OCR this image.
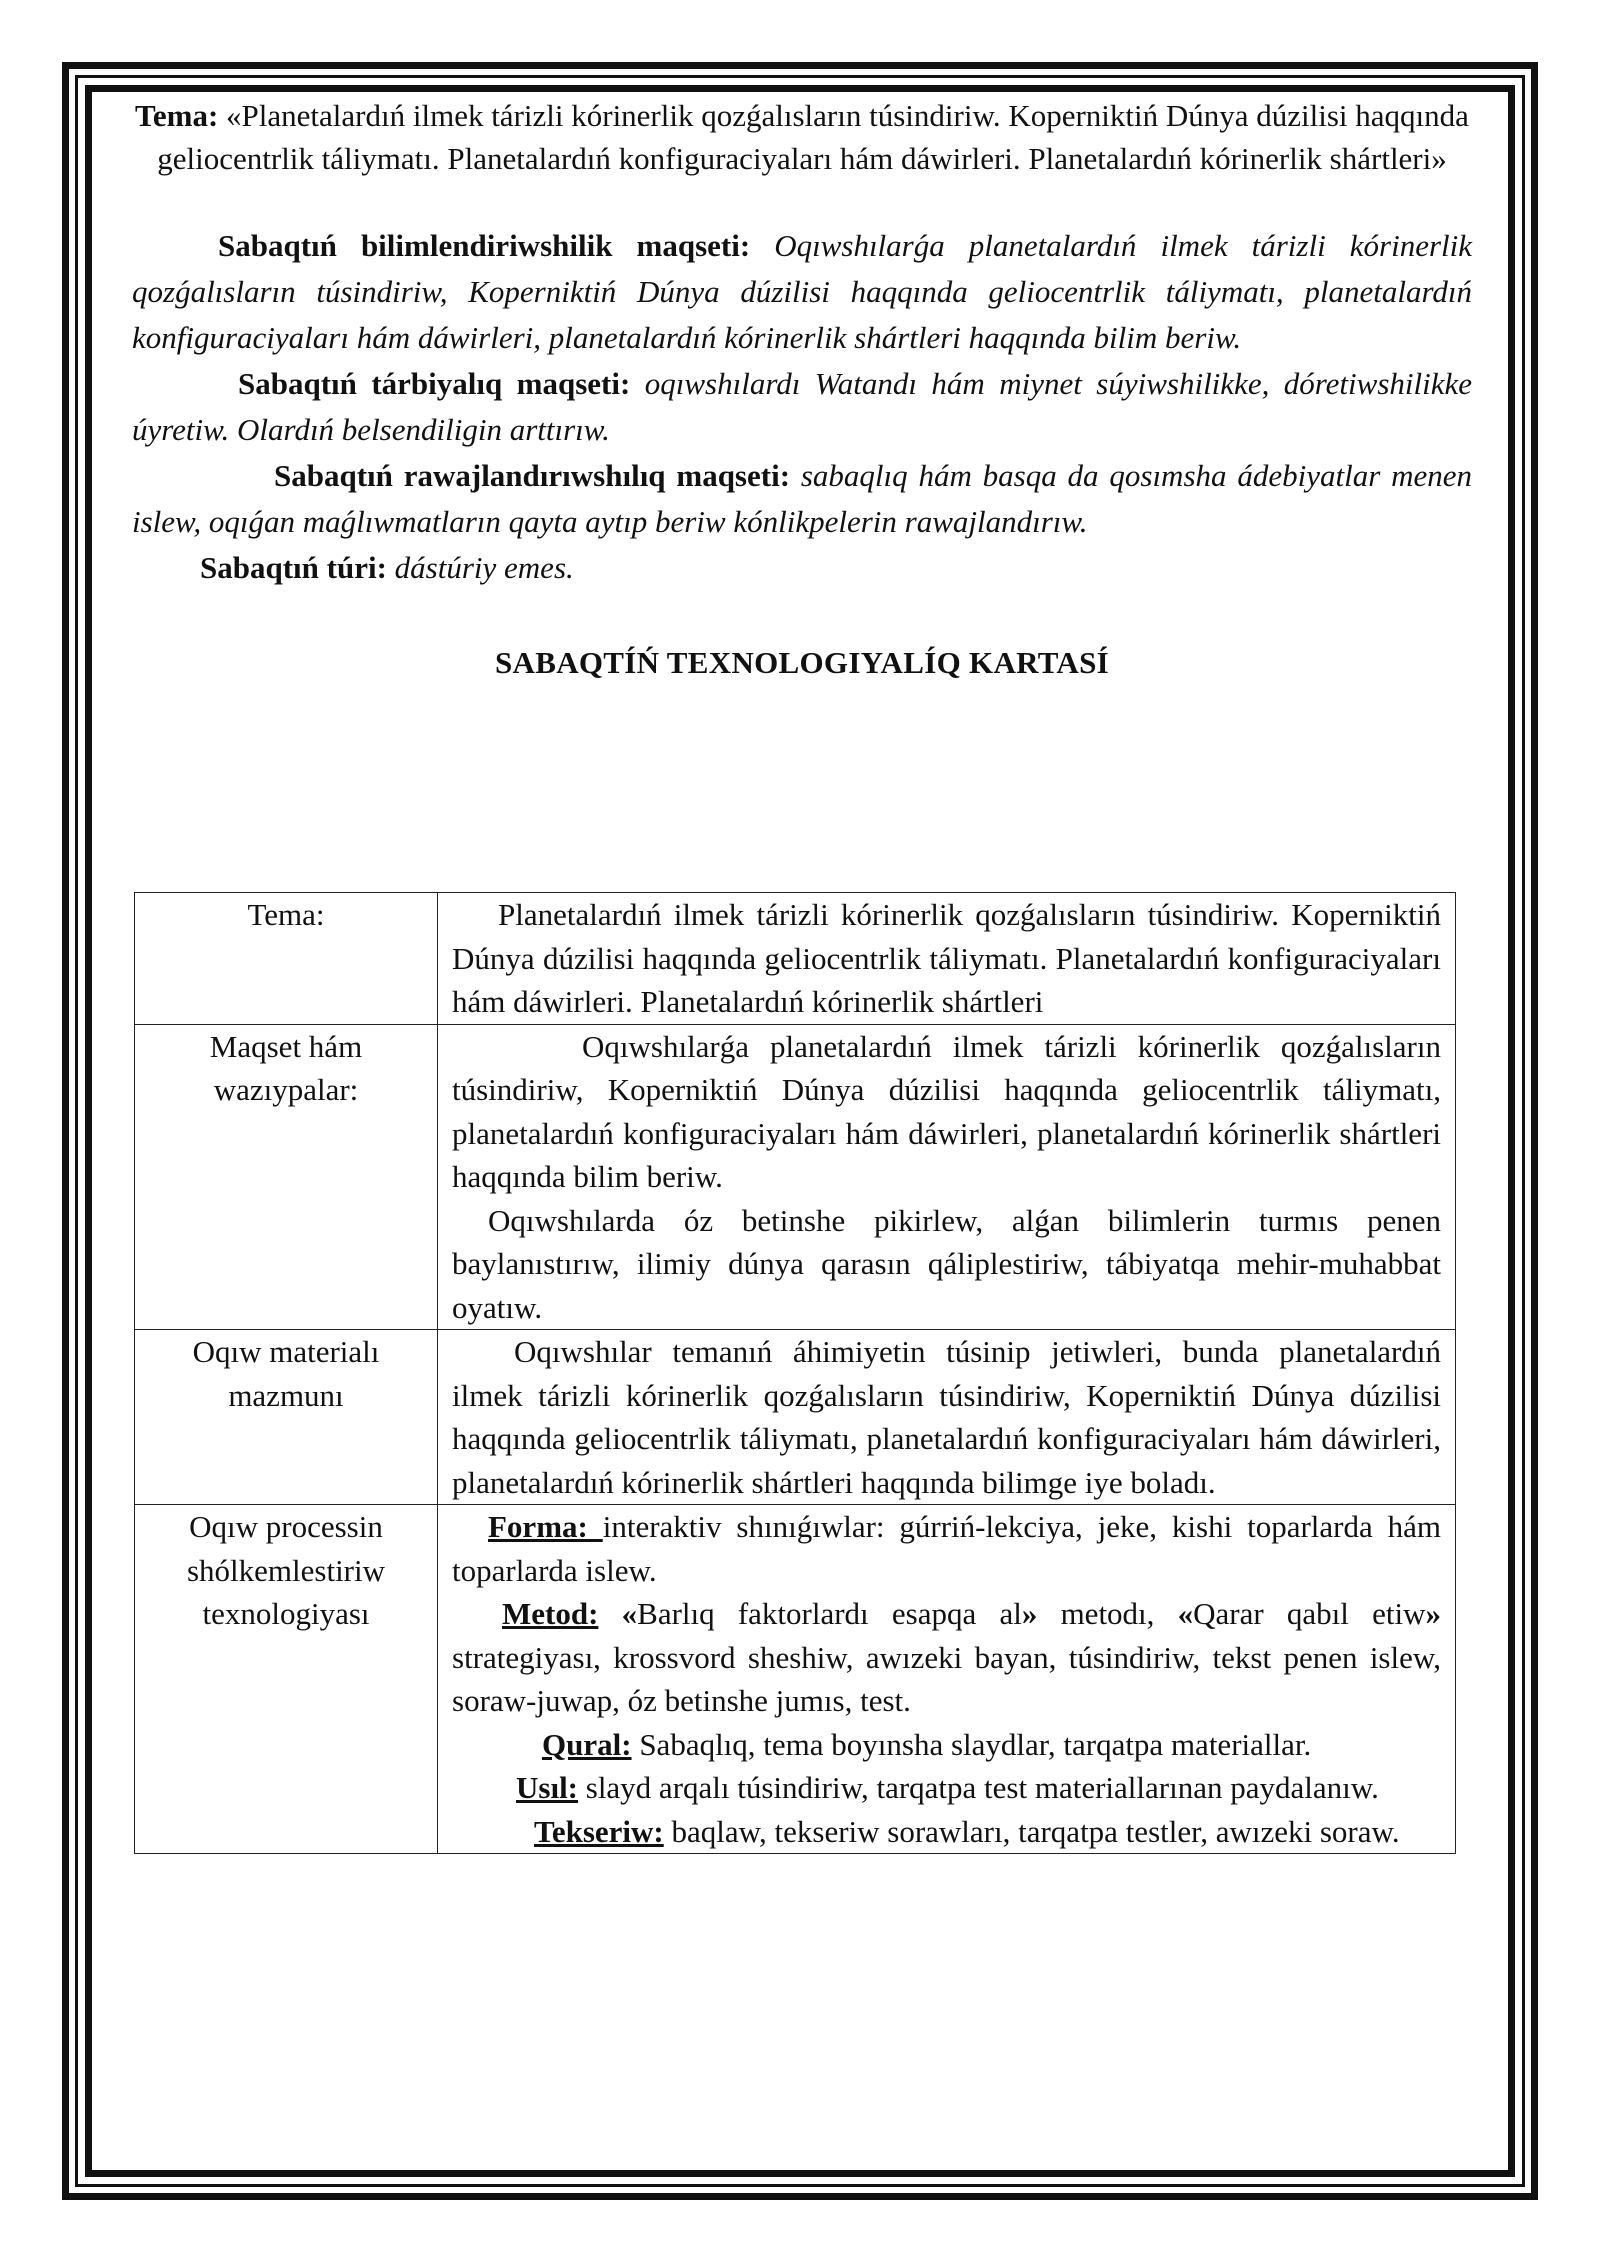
Tema: «Planetalardıń ilmek tárizli kórinerlik qozǵalısların túsindiriw. Koperniktiń Dúnya dúzilisi haqqında geliocentrlik táliymatı. Planetalardıń konfiguraciyaları hám dáwirleri. Planetalardıń kórinerlik shártleri»

Sabaqtıń bilimlendiriwshilik maqseti: Oqıwshılarǵa planetalardıń ilmek tárizli kórinerlik qozǵalısların túsindiriw, Koperniktiń Dúnya dúzilisi haqqında geliocentrlik táliymatı, planetalardıń konfiguraciyaları hám dáwirleri, planetalardıń kórinerlik shártleri haqqında bilim beriw.

Sabaqtıń tárbiyalıq maqseti: oqıwshılardı Watandı hám miynet súyiwshilikke, dóretiwshilikke úyretiw. Olardıń belsendiligin arttırıw.

Sabaqtıń rawajlandırıwshılıq maqseti: sabaqlıq hám basqa da qosımsha ádebiyatlar menen islew, oqıǵan maǵlıwmatların qayta aytıp beriw kónlikpelerin rawajlandırıw.

Sabaqtıń túri: dástúriy emes.

SABAQTÍŃ TEXNOLOGIYALÍQ KARTASÍ

Tema:	Planetalardıń ilmek tárizli kórinerlik qozǵalısların túsindiriw. Koperniktiń Dúnya dúzilisi haqqında geliocentrlik táliymatı. Planetalardıń konfiguraciyaları hám dáwirleri. Planetalardıń kórinerlik shártleri

Maqset hám wazıypalar:	Oqıwshılarǵa planetalardıń ilmek tárizli kórinerlik qozǵalısların túsindiriw, Koperniktiń Dúnya dúzilisi haqqında geliocentrlik táliymatı, planetalardıń konfiguraciyaları hám dáwirleri, planetalardıń kórinerlik shártleri haqqında bilim beriw.

Oqıwshılarda óz betinshe pikirlew, alǵan bilimlerin turmıs penen baylanıstırıw, ilimiy dúnya qarasın qáliplestiriw, tábiyatqa mehir-muhabbat oyatıw.

Oqıw materialı mazmunı	Oqıwshılar temanıń áhimiyetin túsinip jetiwleri, bunda planetalardıń ilmek tárizli kórinerlik qozǵalısların túsindiriw, Koperniktiń Dúnya dúzilisi haqqında geliocentrlik táliymatı, planetalardıń konfiguraciyaları hám dáwirleri, planetalardıń kórinerlik shártleri haqqında bilimge iye boladı.

Oqıw processin shólkemlestiriw texnologiyası	Forma: interaktiv shınıǵıwlar: gúrriń-lekciya, jeke, kishi toparlarda hám toparlarda islew.

Metod: «Barlıq faktorlardı esapqa al» metodı, «Qarar qabıl etiw» strategiyası, krossvord sheshiw, awızeki bayan, túsindiriw, tekst penen islew, soraw-juwap, óz betinshe jumıs, test.

Qural: Sabaqlıq, tema boyınsha slaydlar, tarqatpa materiallar.

Usıl: slayd arqalı túsindiriw, tarqatpa test materiallarınan paydalanıw.

Tekseriw: baqlaw, tekseriw sorawları, tarqatpa testler, awızeki soraw.
